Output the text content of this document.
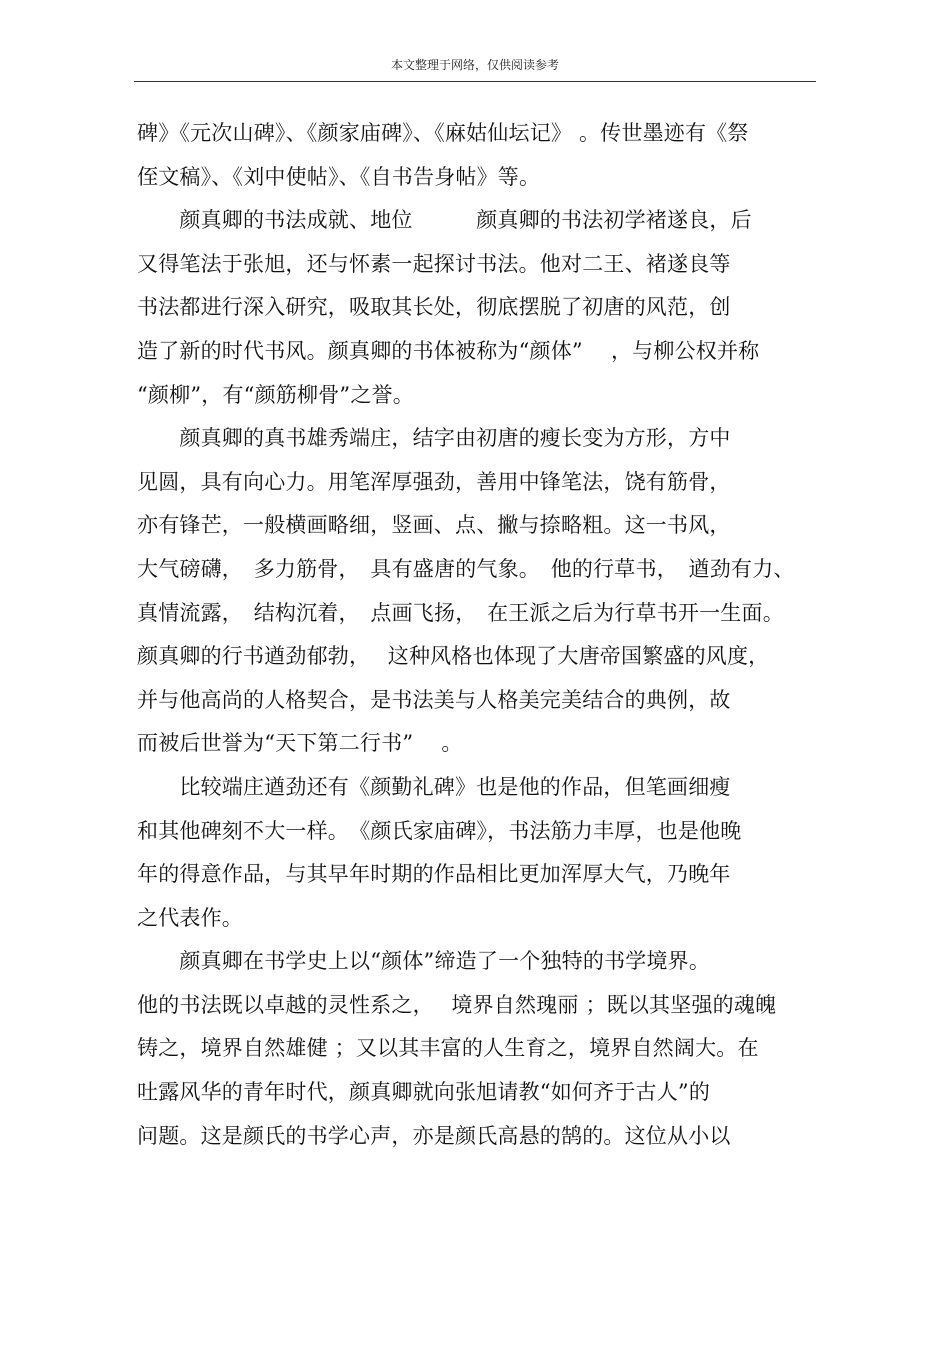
本文整理于网络，仅供阅读参考
碑》《元次山碑》、《颜家庙碑》、《麻姑仙坛记》 。传世墨迹有《祭
侄文稿》、《刘中使帖》、《自书告身帖》等。
　　颜真卿的书法成就、地位　　　颜真卿的书法初学褚遂良，后
又得笔法于张旭，还与怀素一起探讨书法。他对二王、褚遂良等
书法都进行深入研究，吸取其长处，彻底摆脱了初唐的风范，创
造了新的时代书风。颜真卿的书体被称为“颜体”　 ，与柳公权并称
“颜柳”，有“颜筋柳骨”之誉。
　　颜真卿的真书雄秀端庄，结字由初唐的瘦长变为方形，方中
见圆，具有向心力。用笔浑厚强劲，善用中锋笔法，饶有筋骨，
亦有锋芒，一般横画略细，竖画、点、撇与捺略粗。这一书风，
大气磅礴，　多力筋骨，　具有盛唐的气象。　他的行草书，　遒劲有力、
真情流露，　结构沉着，　点画飞扬，　在王派之后为行草书开一生面。
颜真卿的行书遒劲郁勃，　 这种风格也体现了大唐帝国繁盛的风度，
并与他高尚的人格契合，是书法美与人格美完美结合的典例，故
而被后世誉为“天下第二行书”　 。
　　比较端庄遒劲还有《颜勤礼碑》也是他的作品，但笔画细瘦
和其他碑刻不大一样。　《颜氏家庙碑》，书法筋力丰厚，也是他晚
年的得意作品，与其早年时期的作品相比更加浑厚大气，乃晚年
之代表作。
　　颜真卿在书学史上以“颜体”缔造了一个独特的书学境界。
他的书法既以卓越的灵性系之，　 境界自然瑰丽 ；既以其坚强的魂魄
铸之，境界自然雄健 ；又以其丰富的人生育之，境界自然阔大。在
吐露风华的青年时代，颜真卿就向张旭请教“如何齐于古人”的
问题。这是颜氏的书学心声，亦是颜氏高悬的鹄的。这位从小以
